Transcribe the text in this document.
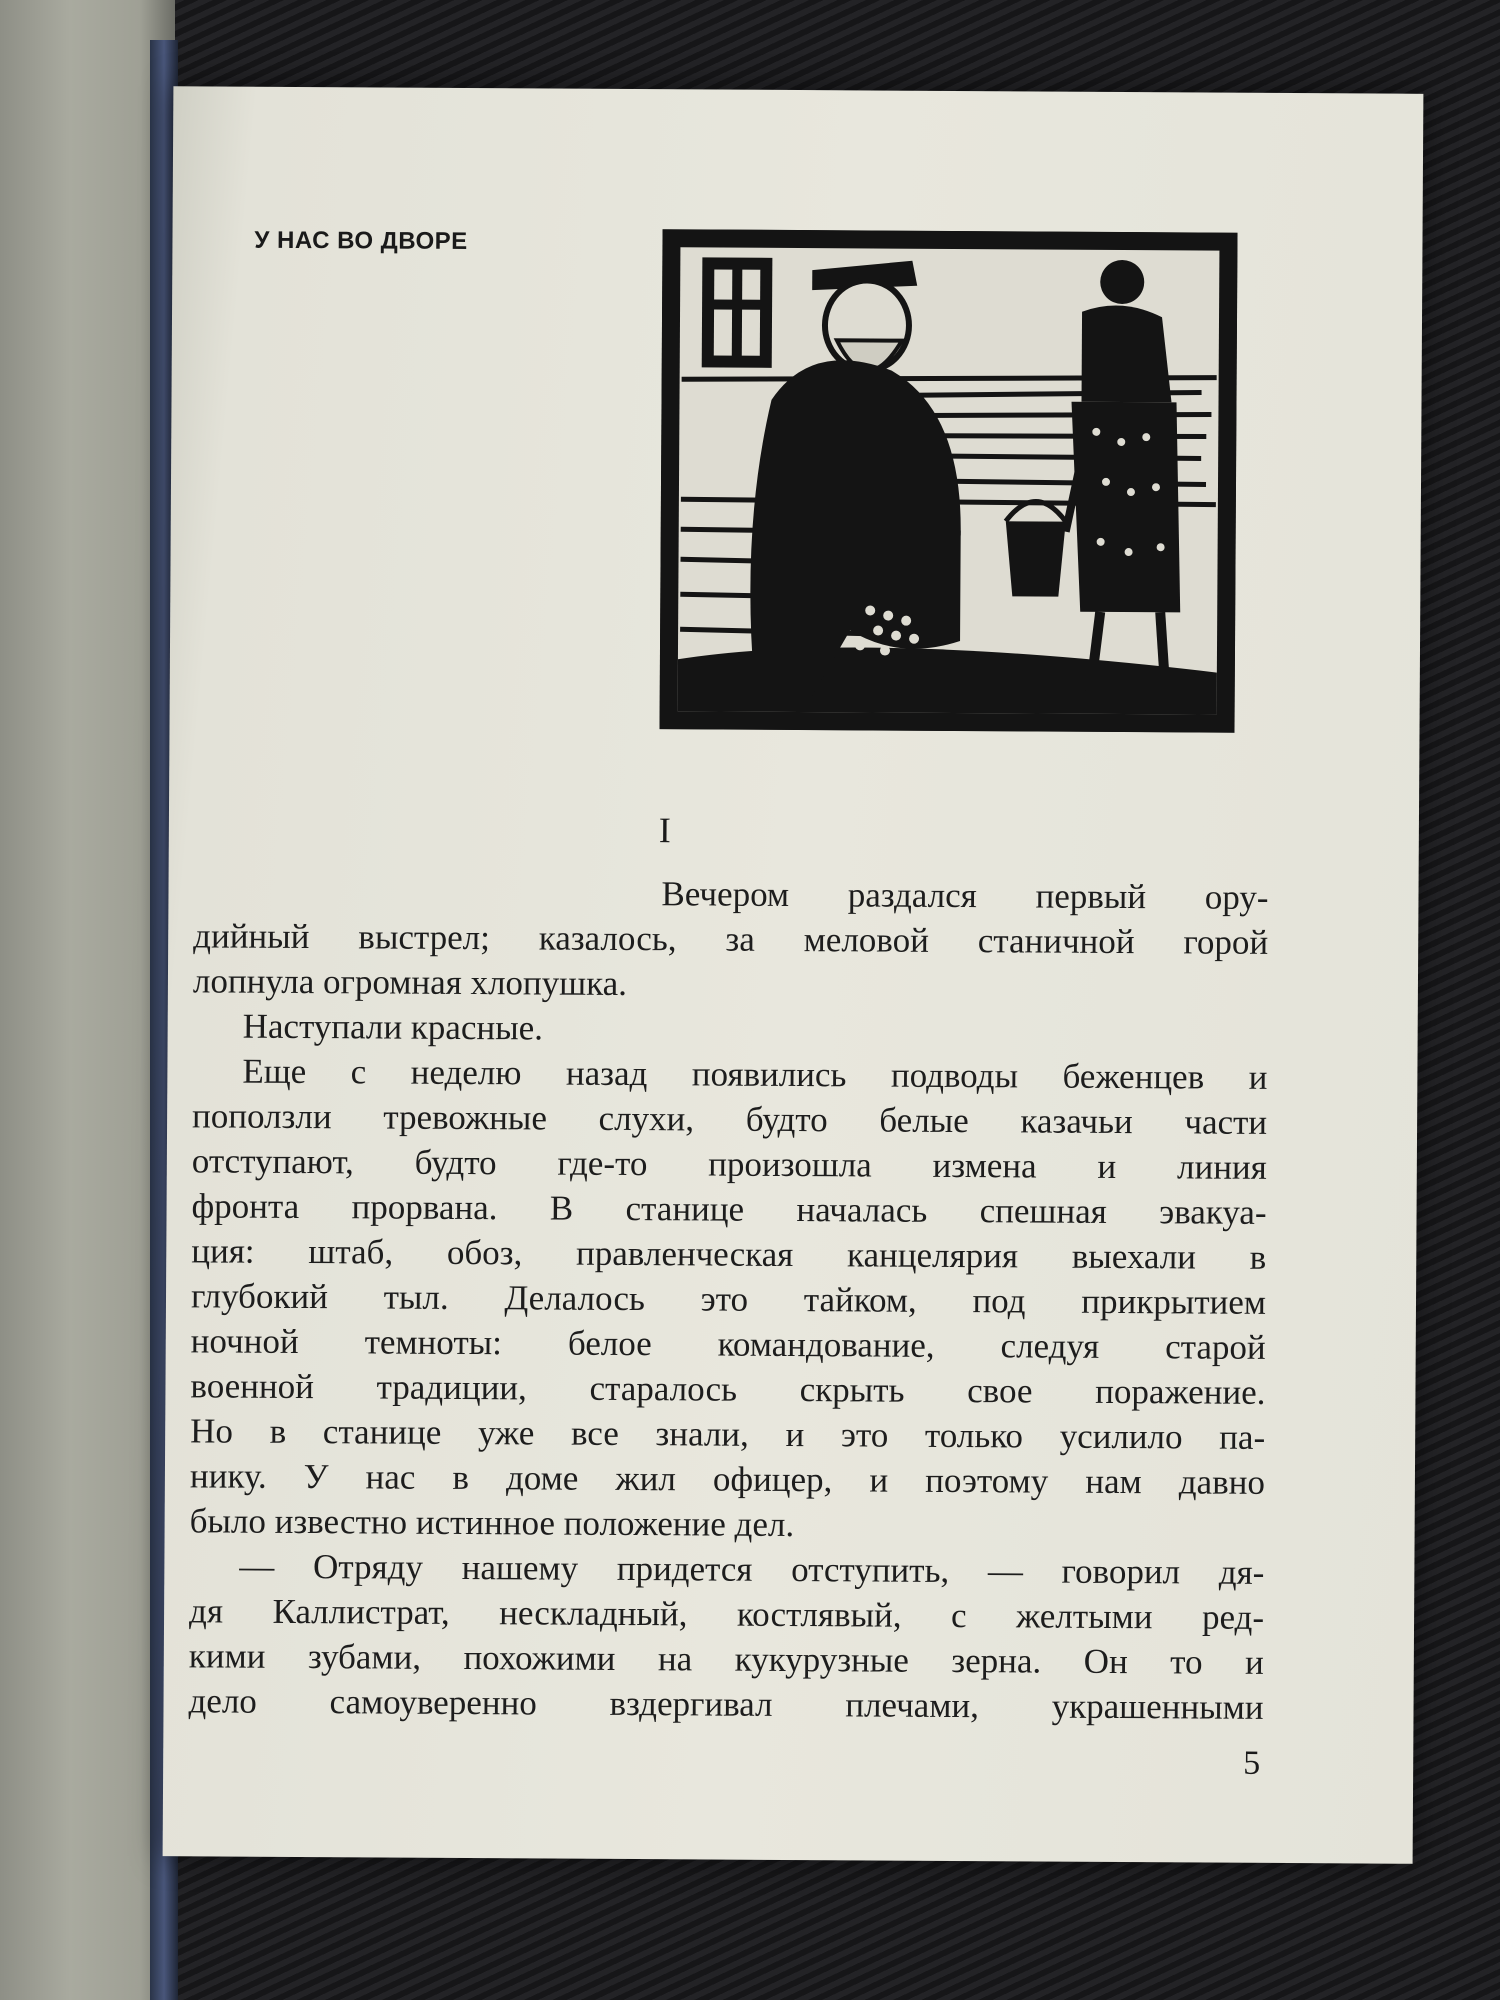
У НАС ВО ДВОРЕ
I
Вечером раздался первый ору-
дийный выстрел; казалось, за меловой станичной горой
лопнула огромная хлопушка.
Наступали красные.
Еще с неделю назад появились подводы беженцев и
поползли тревожные слухи, будто белые казачьи части
отступают, будто где-то произошла измена и линия
фронта прорвана. В станице началась спешная эвакуа-
ция: штаб, обоз, правленческая канцелярия выехали в
глубокий тыл. Делалось это тайком, под прикрытием
ночной темноты: белое командование, следуя старой
военной традиции, старалось скрыть свое поражение.
Но в станице уже все знали, и это только усилило па-
нику. У нас в доме жил офицер, и поэтому нам давно
было известно истинное положение дел.
— Отряду нашему придется отступить, — говорил дя-
дя Каллистрат, нескладный, костлявый, с желтыми ред-
кими зубами, похожими на кукурузные зерна. Он то и
дело самоуверенно вздергивал плечами, украшенными
5
